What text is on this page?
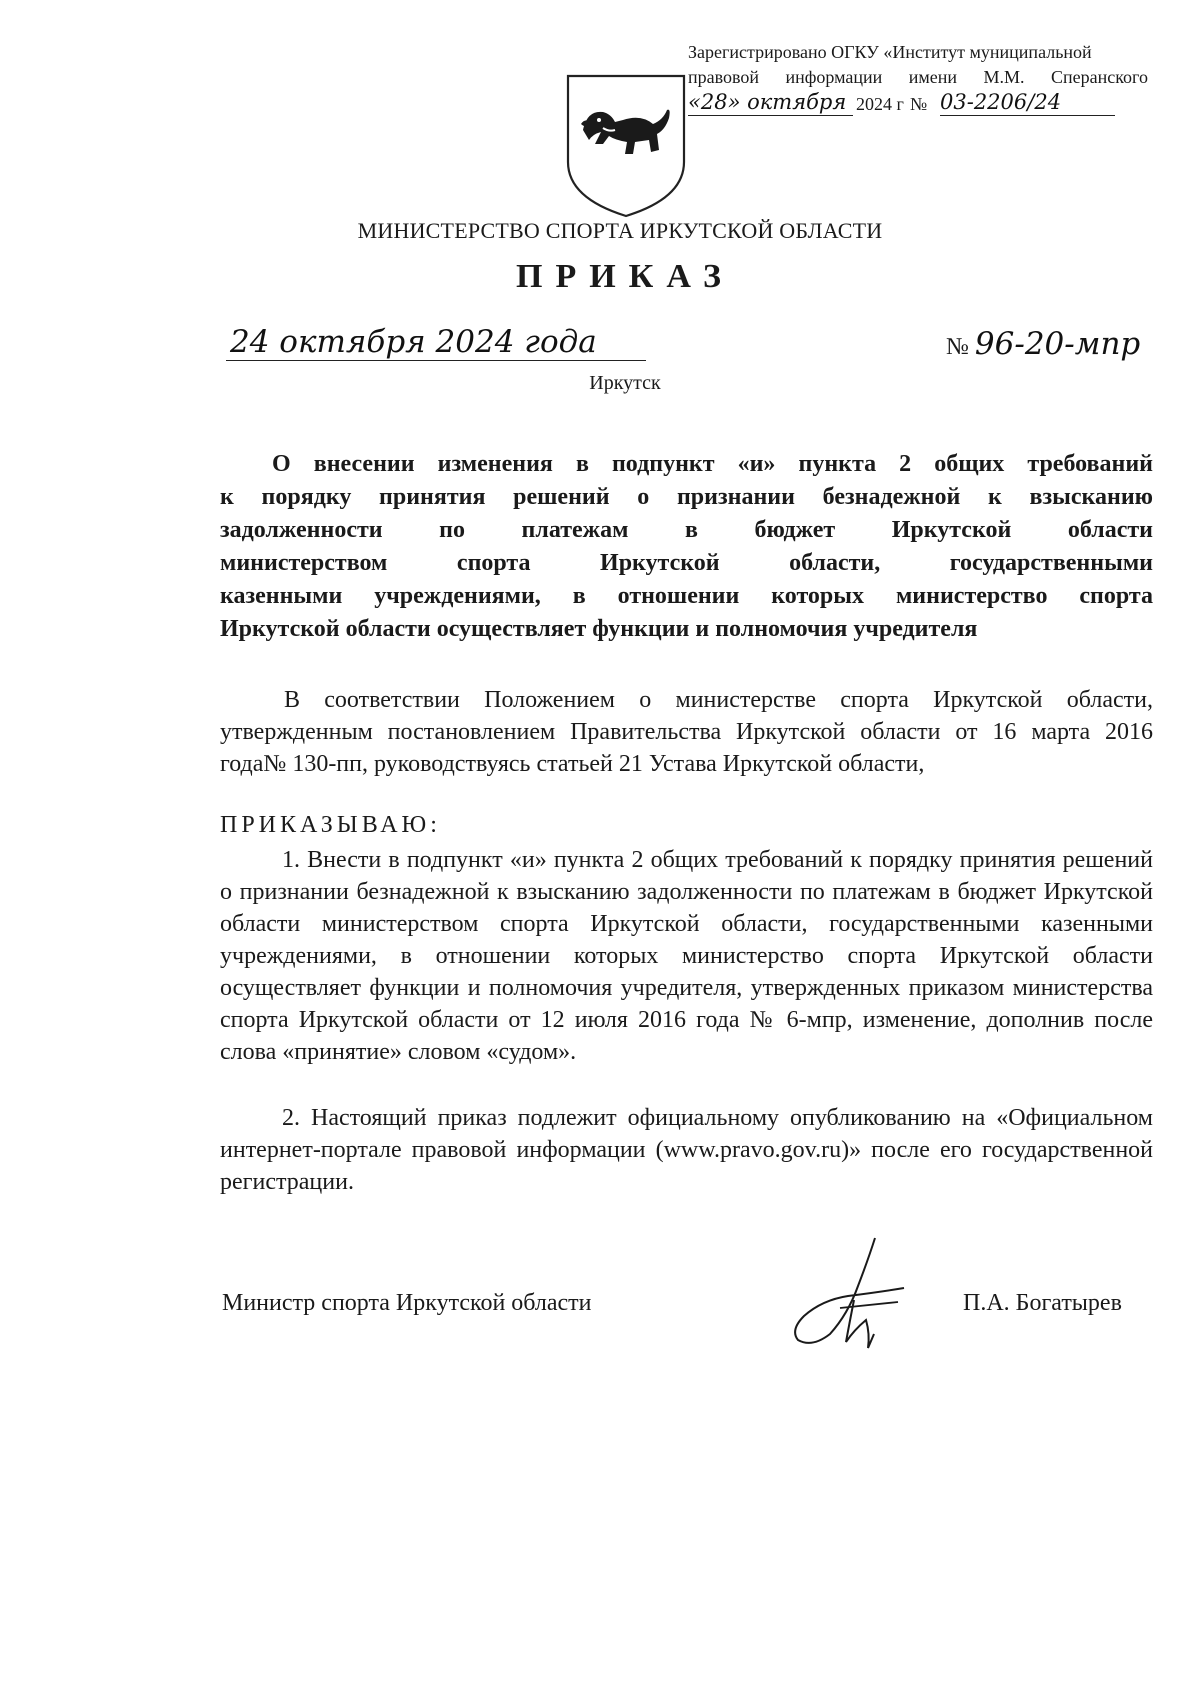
Зарегистрировано ОГКУ «Институт муниципальной
правовой информации имени М.М. Сперанского
«28» октября 2024 г № 03-2206/24
МИНИСТЕРСТВО СПОРТА ИРКУТСКОЙ ОБЛАСТИ
ПРИКАЗ
24 октября 2024 года	№ 96-20-мпр
Иркутск
О внесении изменения в подпункт «и» пункта 2 общих требований
к порядку принятия решений о признании безнадежной к взысканию
задолженности по платежам в бюджет Иркутской области
министерством спорта Иркутской области, государственными
казенными учреждениями, в отношении которых министерство спорта
Иркутской области осуществляет функции и полномочия учредителя
В соответствии Положением о министерстве спорта Иркутской области, утвержденным постановлением Правительства Иркутской области от 16 марта 2016 года№ 130-пп, руководствуясь статьей 21 Устава Иркутской области,
ПРИКАЗЫВАЮ:
1. Внести в подпункт «и» пункта 2 общих требований к порядку принятия решений о признании безнадежной к взысканию задолженности по платежам в бюджет Иркутской области министерством спорта Иркутской области, государственными казенными учреждениями, в отношении которых министерство спорта Иркутской области осуществляет функции и полномочия учредителя, утвержденных приказом министерства спорта Иркутской области от 12 июля 2016 года № 6-мпр, изменение, дополнив после слова «принятие» словом «судом».
2. Настоящий приказ подлежит официальному опубликованию на «Официальном интернет-портале правовой информации (www.pravo.gov.ru)» после его государственной регистрации.
Министр спорта Иркутской области	П.А. Богатырев
